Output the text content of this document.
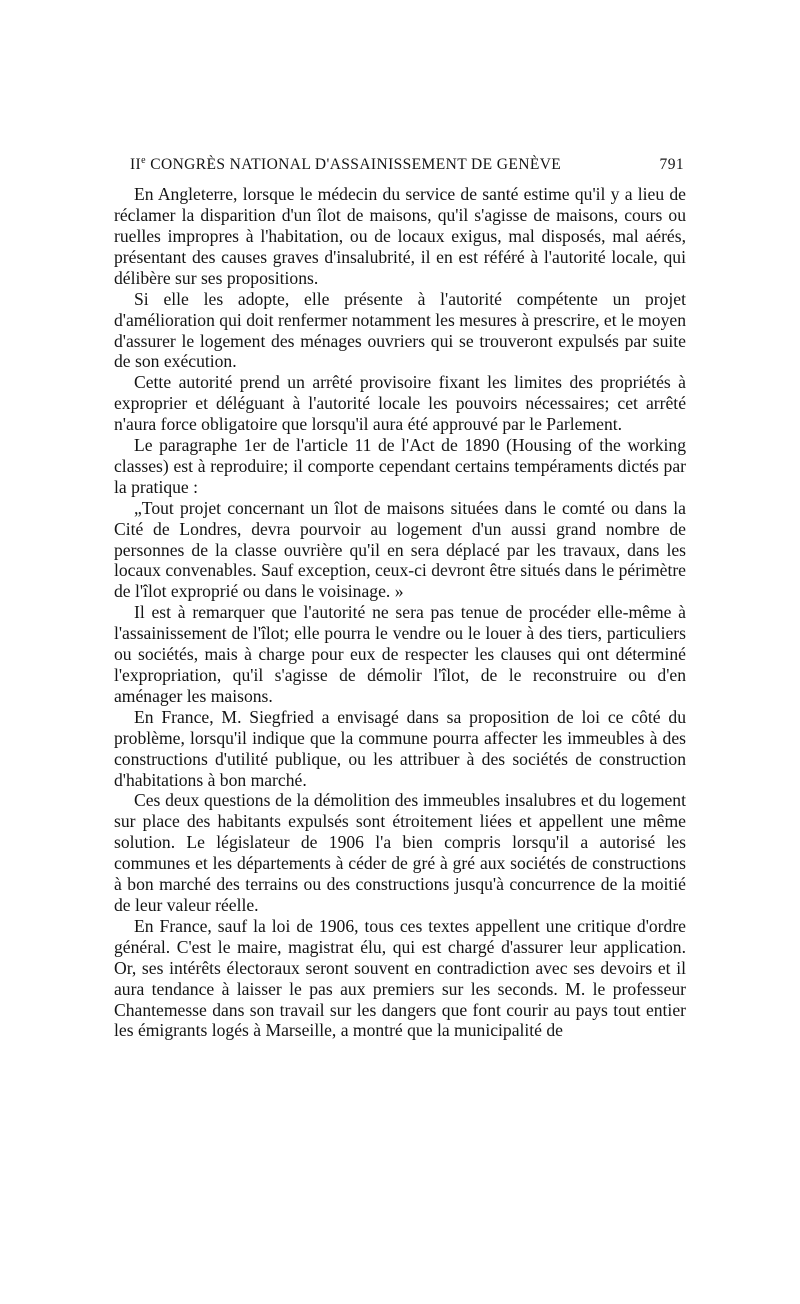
IIe CONGRÈS NATIONAL D'ASSAINISSEMENT DE GENÈVE	791

En Angleterre, lorsque le médecin du service de santé estime qu'il y a lieu de réclamer la disparition d'un îlot de maisons, qu'il s'agisse de maisons, cours ou ruelles impropres à l'habitation, ou de locaux exigus, mal disposés, mal aérés, présentant des causes graves d'insalubrité, il en est référé à l'autorité locale, qui délibère sur ses propositions.

Si elle les adopte, elle présente à l'autorité compétente un projet d'amélioration qui doit renfermer notamment les mesures à prescrire, et le moyen d'assurer le logement des ménages ouvriers qui se trouveront expulsés par suite de son exécution.

Cette autorité prend un arrêté provisoire fixant les limites des propriétés à exproprier et déléguant à l'autorité locale les pouvoirs nécessaires; cet arrêté n'aura force obligatoire que lorsqu'il aura été approuvé par le Parlement.

Le paragraphe 1er de l'article 11 de l'Act de 1890 (Housing of the working classes) est à reproduire; il comporte cependant certains tempéraments dictés par la pratique :

„Tout projet concernant un îlot de maisons situées dans le comté ou dans la Cité de Londres, devra pourvoir au logement d'un aussi grand nombre de personnes de la classe ouvrière qu'il en sera déplacé par les travaux, dans les locaux convenables. Sauf exception, ceux-ci devront être situés dans le périmètre de l'îlot exproprié ou dans le voisinage. »

Il est à remarquer que l'autorité ne sera pas tenue de procéder elle-même à l'assainissement de l'îlot; elle pourra le vendre ou le louer à des tiers, particuliers ou sociétés, mais à charge pour eux de respecter les clauses qui ont déterminé l'expropriation, qu'il s'agisse de démolir l'îlot, de le reconstruire ou d'en aménager les maisons.

En France, M. Siegfried a envisagé dans sa proposition de loi ce côté du problème, lorsqu'il indique que la commune pourra affecter les immeubles à des constructions d'utilité publique, ou les attribuer à des sociétés de construction d'habitations à bon marché.

Ces deux questions de la démolition des immeubles insalubres et du logement sur place des habitants expulsés sont étroitement liées et appellent une même solution. Le législateur de 1906 l'a bien compris lorsqu'il a autorisé les communes et les départements à céder de gré à gré aux sociétés de constructions à bon marché des terrains ou des constructions jusqu'à concurrence de la moitié de leur valeur réelle.

En France, sauf la loi de 1906, tous ces textes appellent une critique d'ordre général. C'est le maire, magistrat élu, qui est chargé d'assurer leur application. Or, ses intérêts électoraux seront souvent en contradiction avec ses devoirs et il aura tendance à laisser le pas aux premiers sur les seconds. M. le professeur Chantemesse dans son travail sur les dangers que font courir au pays tout entier les émigrants logés à Marseille, a montré que la municipalité de
